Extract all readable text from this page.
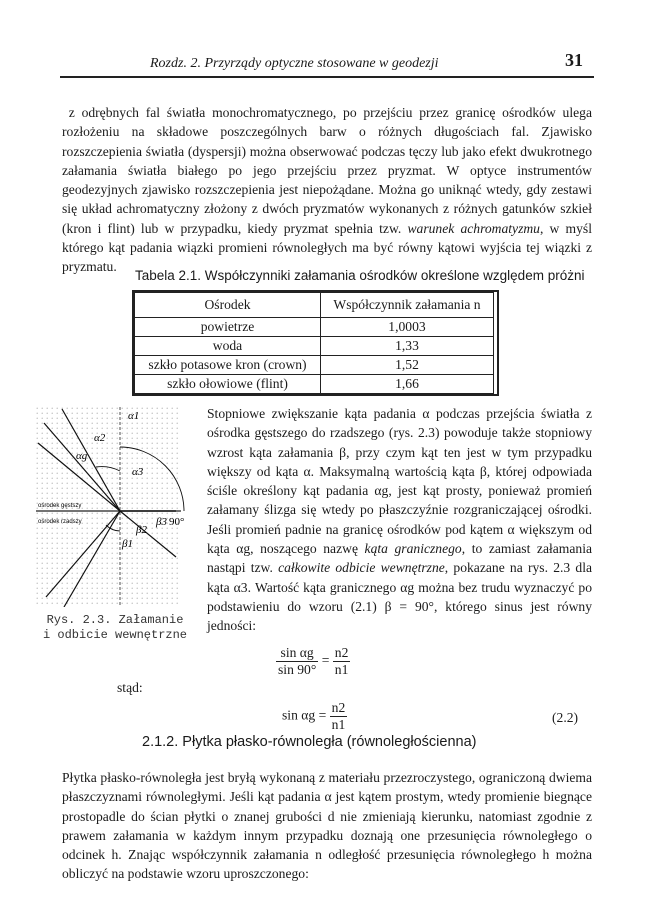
Rozdz. 2. Przyrządy optyczne stosowane w geodezji	31
z odrębnych fal światła monochromatycznego, po przejściu przez granicę ośrodków ulega rozłożeniu na składowe poszczególnych barw o różnych długościach fal. Zjawisko rozszczepienia światła (dyspersji) można obserwować podczas tęczy lub jako efekt dwukrotnego załamania światła białego po jego przejściu przez pryzmat. W optyce instrumentów geodezyjnych zjawisko rozszczepienia jest niepożądane. Można go uniknąć wtedy, gdy zestawi się układ achromatyczny złożony z dwóch pryzmatów wykonanych z różnych gatunków szkieł (kron i flint) lub w przypadku, kiedy pryzmat spełnia tzw. warunek achromatyzmu, w myśl którego kąt padania wiązki promieni równoległych ma być równy kątowi wyjścia tej wiązki z pryzmatu.
Tabela 2.1. Współczynniki załamania ośrodków określone względem próżni
Ośrodek	Współczynnik załamania n
powietrze	1,0003
woda	1,33
szkło potasowe kron (crown)	1,52
szkło ołowiowe (flint)	1,66
α1
α2
αg
α3
β3 90°
β1
β2
ośrodek gęstszy
ośrodek rzadszy
Rys. 2.3. Załamanie
i odbicie wewnętrzne
Stopniowe zwiększanie kąta padania α podczas przejścia światła z ośrodka gęstszego do rzadszego (rys. 2.3) powoduje także stopniowy wzrost kąta załamania β, przy czym kąt ten jest w tym przypadku większy od kąta α. Maksymalną wartością kąta β, której odpowiada ściśle określony kąt padania αg, jest kąt prosty, ponieważ promień załamany ślizga się wtedy po płaszczyźnie rozgraniczającej ośrodki. Jeśli promień padnie na granicę ośrodków pod kątem α większym od kąta αg, noszącego nazwę kąta granicznego, to zamiast załamania nastąpi tzw. całkowite odbicie wewnętrzne, pokazane na rys. 2.3 dla kąta α3. Wartość kąta granicznego αg można bez trudu wyznaczyć po podstawieniu do wzoru (2.1) β = 90°, którego sinus jest równy jedności:
$\frac{\text{sin αg}}{\sin 90^\circ} = \frac{n2}{n1}$
stąd:
$\sin \alpha g = \frac{n2}{n1}$	(2.2)
2.1.2. Płytka płasko-równoległa (równoległościenna)
Płytka płasko-równoległa jest bryłą wykonaną z materiału przezroczystego, ograniczoną dwiema płaszczyznami równoległymi. Jeśli kąt padania α jest kątem prostym, wtedy promienie biegnące prostopadle do ścian płytki o znanej grubości d nie zmieniają kierunku, natomiast zgodnie z prawem załamania w każdym innym przypadku doznają one przesunięcia równoległego o odcinek h. Znając współczynnik załamania n odległość przesunięcia równoległego h można obliczyć na podstawie wzoru uproszczonego:
